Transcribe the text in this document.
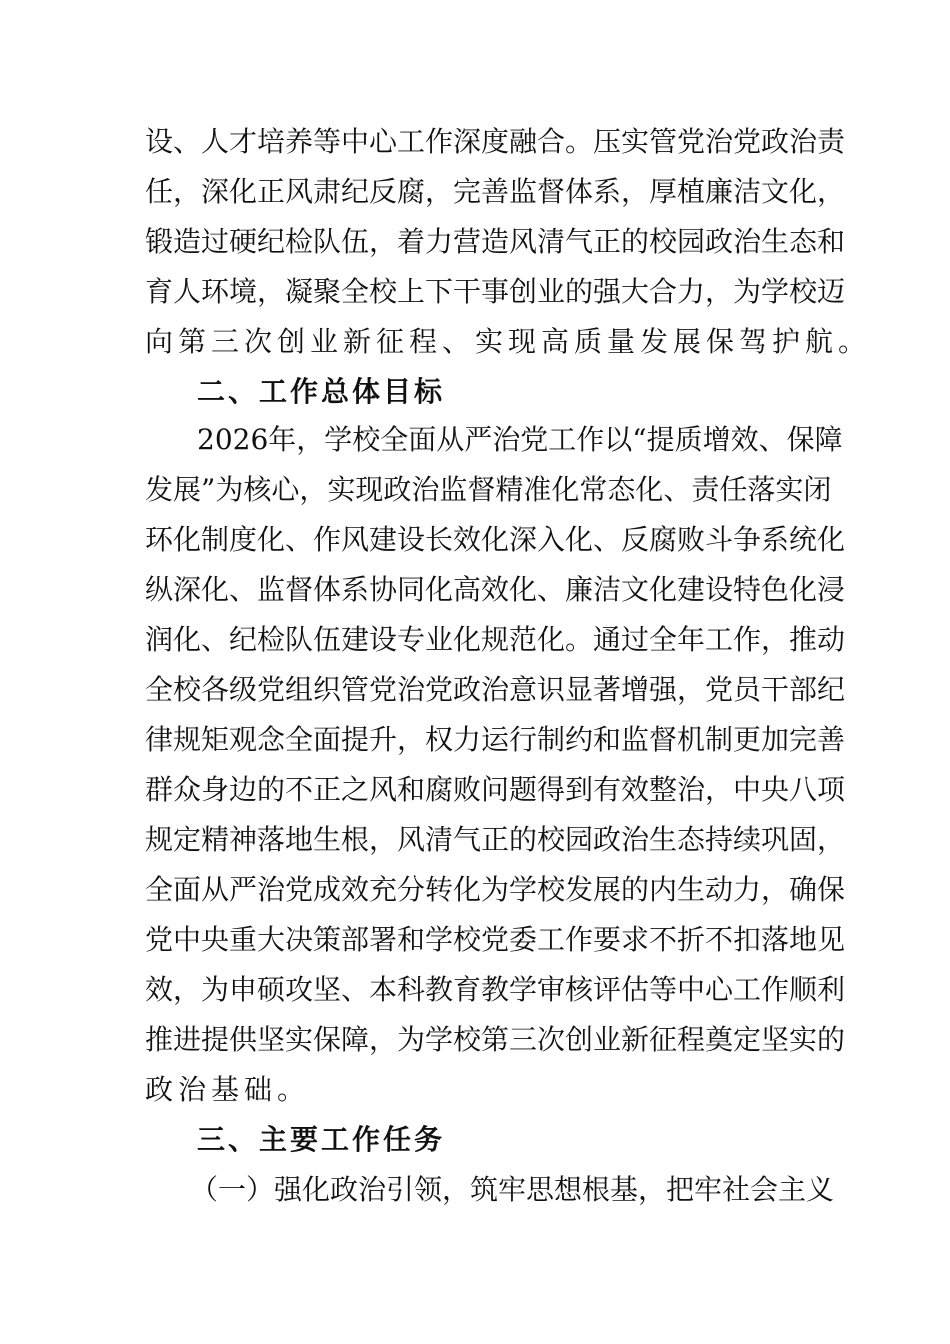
设、人才培养等中心工作深度融合。压实管党治党政治责
任，深化正风肃纪反腐，完善监督体系，厚植廉洁文化，
锻造过硬纪检队伍，着力营造风清气正的校园政治生态和
育人环境，凝聚全校上下干事创业的强大合力，为学校迈
向第三次创业新征程、实现高质量发展保驾护航。
二、工作总体目标
2026年，学校全面从严治党工作以“提质增效、保障
发展”为核心，实现政治监督精准化常态化、责任落实闭
环化制度化、作风建设长效化深入化、反腐败斗争系统化
纵深化、监督体系协同化高效化、廉洁文化建设特色化浸
润化、纪检队伍建设专业化规范化。通过全年工作，推动
全校各级党组织管党治党政治意识显著增强，党员干部纪
律规矩观念全面提升，权力运行制约和监督机制更加完善
群众身边的不正之风和腐败问题得到有效整治，中央八项
规定精神落地生根，风清气正的校园政治生态持续巩固，
全面从严治党成效充分转化为学校发展的内生动力，确保
党中央重大决策部署和学校党委工作要求不折不扣落地见
效，为申硕攻坚、本科教育教学审核评估等中心工作顺利
推进提供坚实保障，为学校第三次创业新征程奠定坚实的
政治基础。
三、主要工作任务
（一）强化政治引领，筑牢思想根基，把牢社会主义
